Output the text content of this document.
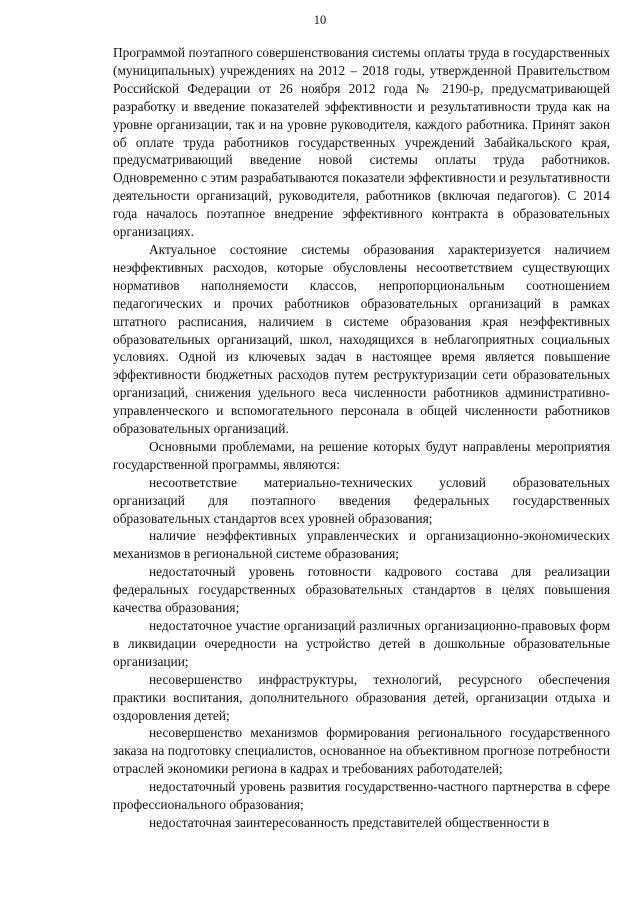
10

Программой поэтапного совершенствования системы оплаты труда в государственных (муниципальных) учреждениях на 2012 – 2018 годы, утвержденной Правительством Российской Федерации от 26 ноября 2012 года № 2190-р, предусматривающей разработку и введение показателей эффективности и результативности труда как на уровне организации, так и на уровне руководителя, каждого работника. Принят закон об оплате труда работников государственных учреждений Забайкальского края, предусматривающий введение новой системы оплаты труда работников. Одновременно с этим разрабатываются показатели эффективности и результативности деятельности организаций, руководителя, работников (включая педагогов). С 2014 года началось поэтапное внедрение эффективного контракта в образовательных организациях.

Актуальное состояние системы образования характеризуется наличием неэффективных расходов, которые обусловлены несоответствием существующих нормативов наполняемости классов, непропорциональным соотношением педагогических и прочих работников образовательных организаций в рамках штатного расписания, наличием в системе образования края неэффективных образовательных организаций, школ, находящихся в неблагоприятных социальных условиях. Одной из ключевых задач в настоящее время является повышение эффективности бюджетных расходов путем реструктуризации сети образовательных организаций, снижения удельного веса численности работников административно-управленческого и вспомогательного персонала в общей численности работников образовательных организаций.

Основными проблемами, на решение которых будут направлены мероприятия государственной программы, являются:

несоответствие материально-технических условий образовательных организаций для поэтапного введения федеральных государственных образовательных стандартов всех уровней образования;

наличие неэффективных управленческих и организационно-экономических механизмов в региональной системе образования;

недостаточный уровень готовности кадрового состава для реализации федеральных государственных образовательных стандартов в целях повышения качества образования;

недостаточное участие организаций различных организационно-правовых форм в ликвидации очередности на устройство детей в дошкольные образовательные организации;

несовершенство инфраструктуры, технологий, ресурсного обеспечения практики воспитания, дополнительного образования детей, организации отдыха и оздоровления детей;

несовершенство механизмов формирования регионального государственного заказа на подготовку специалистов, основанное на объективном прогнозе потребности отраслей экономики региона в кадрах и требованиях работодателей;

недостаточный уровень развития государственно-частного партнерства в сфере профессионального образования;

недостаточная заинтересованность представителей общественности в
